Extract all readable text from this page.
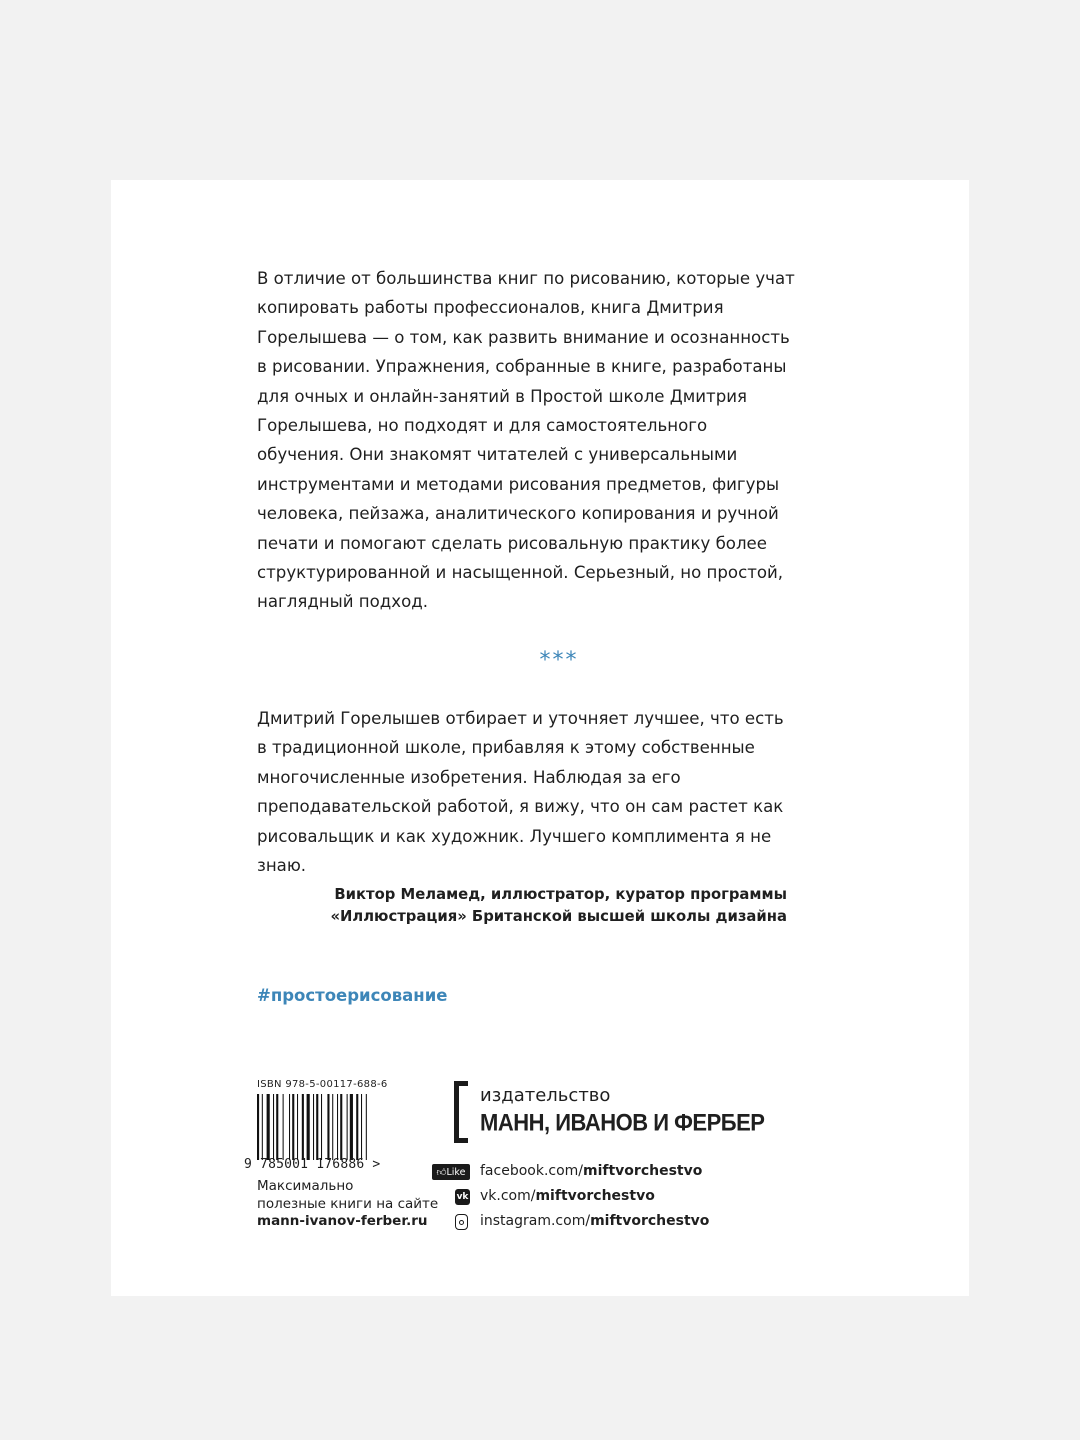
В отличие от большинства книг по рисованию, которые учат копировать работы профессионалов, книга Дмитрия Горелышева — о том, как развить внимание и осознанность в рисовании. Упражнения, собранные в книге, разработаны для очных и онлайн-занятий в Простой школе Дмитрия Горелышева, но подходят и для самостоятельного обучения. Они знакомят читателей с универсальными инструментами и методами рисования предметов, фигуры человека, пейзажа, аналитического копирования и ручной печати и помогают сделать рисовальную практику более структурированной и насыщенной. Серьезный, но простой, наглядный подход.

***

Дмитрий Горелышев отбирает и уточняет лучшее, что есть в традиционной школе, прибавляя к этому собственные многочисленные изобретения. Наблюдая за его преподавательской работой, я вижу, что он сам растет как рисовальщик и как художник. Лучшего комплимента я не знаю.

Виктор Меламед, иллюстратор, куратор программы
«Иллюстрация» Британской высшей школы дизайна
#простоерисование
ISBN 978-5-00117-688-6
9 785001 176886 >
Максимально
полезные книги на сайте
mann-ivanov-ferber.ru
издательство
МАНН, ИВАНОВ И ФЕРБЕР
👍︎ Like facebook.com/miftvorchestvo
vk vk.com/miftvorchestvo
instagram.com/miftvorchestvo
